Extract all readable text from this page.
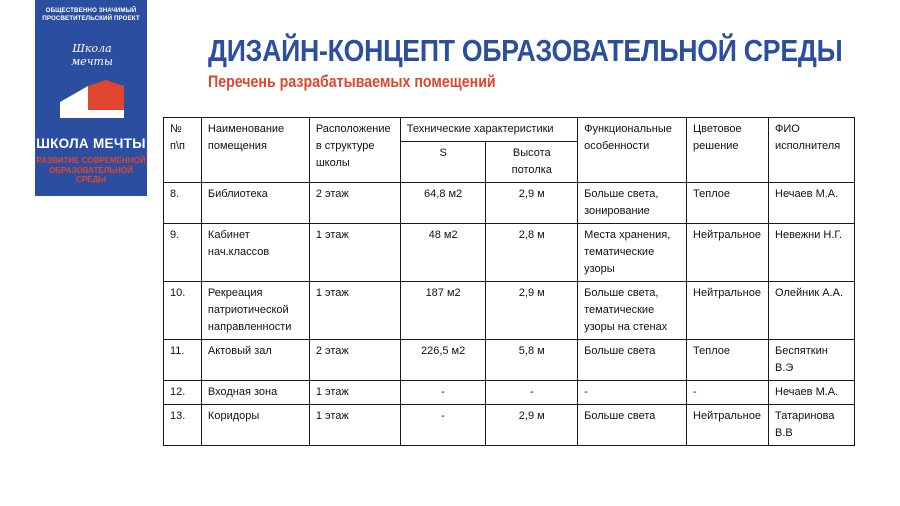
ОБЩЕСТВЕННО ЗНАЧИМЫЙ ПРОСВЕТИТЕЛЬСКИЙ ПРОЕКТ
Школа мечты
ШКОЛА МЕЧТЫ
РАЗВИТИЕ СОВРЕМЕННОЙ ОБРАЗОВАТЕЛЬНОЙ СРЕДЫ
ДИЗАЙН-КОНЦЕПТ ОБРАЗОВАТЕЛЬНОЙ СРЕДЫ
Перечень разрабатываемых помещений
№ п\п	Наименование помещения	Расположение в структуре школы	Технические характеристики		Функциональные особенности	Цветовое решение	ФИО исполнителя
			S	Высота потолка			
8.	Библиотека	2 этаж	64,8 м2	2,9 м	Больше света, зонирование	Теплое	Нечаев М.А.
9.	Кабинет нач.классов	1 этаж	48 м2	2,8 м	Места хранения, тематические узоры	Нейтральное	Невежни Н.Г.
10.	Рекреация патриотической направленности	1 этаж	187 м2	2,9 м	Больше света, тематические узоры на стенах	Нейтральное	Олейник А.А.
11.	Актовый зал	2 этаж	226,5 м2	5,8 м	Больше света	Теплое	Беспяткин В.Э
12.	Входная зона	1 этаж	-	-	-	-	Нечаев М.А.
13.	Коридоры	1 этаж	-	2,9 м	Больше света	Нейтральное	Татаринова В.В
